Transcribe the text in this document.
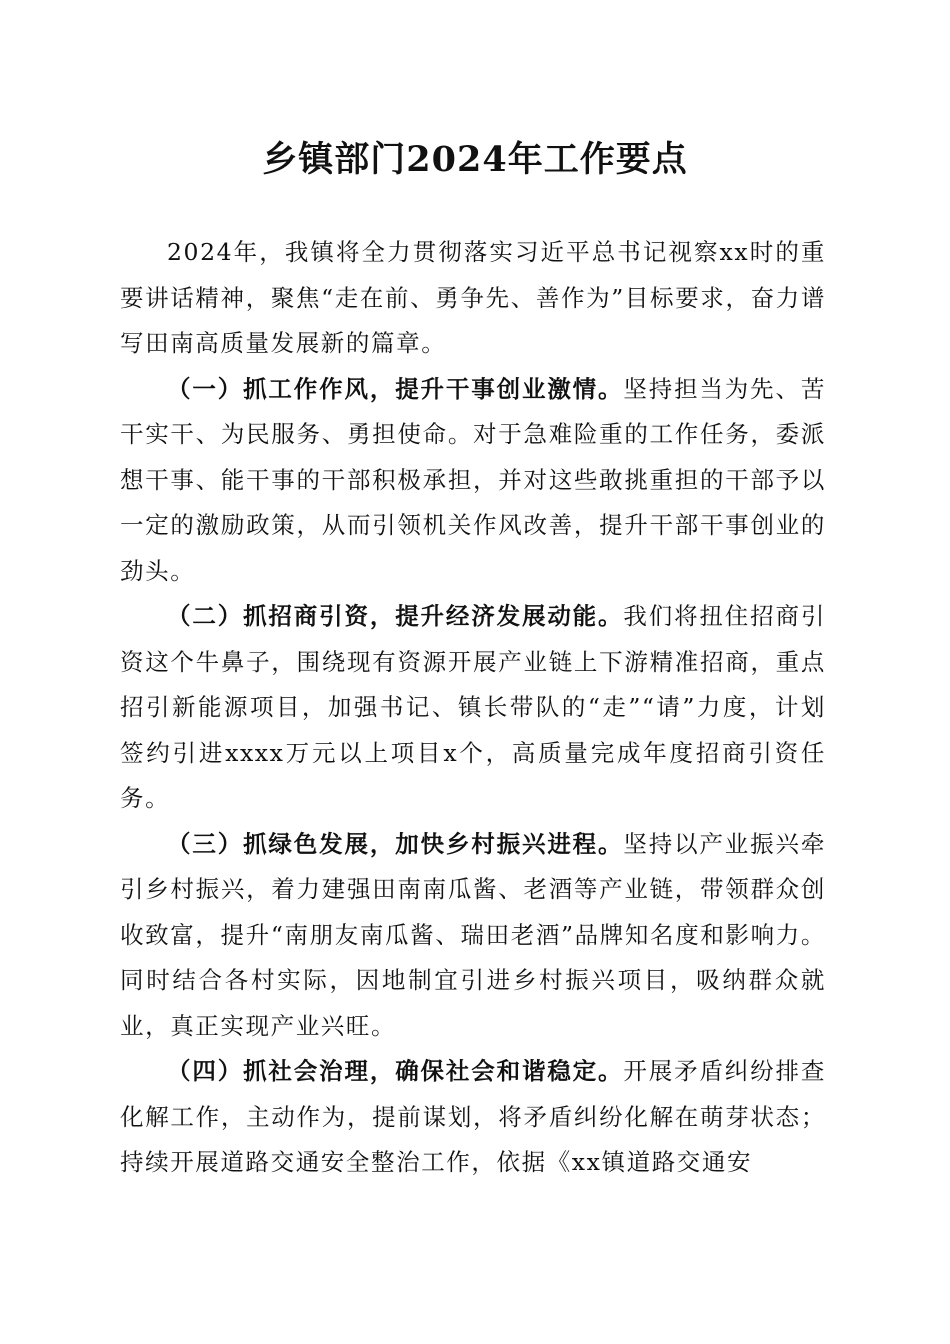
乡镇部门2024年工作要点

2024年，我镇将全力贯彻落实习近平总书记视察xx时的重要讲话精神，聚焦“走在前、勇争先、善作为”目标要求，奋力谱写田南高质量发展新的篇章。

（一）抓工作作风，提升干事创业激情。坚持担当为先、苦干实干、为民服务、勇担使命。对于急难险重的工作任务，委派想干事、能干事的干部积极承担，并对这些敢挑重担的干部予以一定的激励政策，从而引领机关作风改善，提升干部干事创业的劲头。

（二）抓招商引资，提升经济发展动能。我们将扭住招商引资这个牛鼻子，围绕现有资源开展产业链上下游精准招商，重点招引新能源项目，加强书记、镇长带队的“走”“请”力度，计划签约引进xxxx万元以上项目x个，高质量完成年度招商引资任务。

（三）抓绿色发展，加快乡村振兴进程。坚持以产业振兴牵引乡村振兴，着力建强田南南瓜酱、老酒等产业链，带领群众创收致富，提升“南朋友南瓜酱、瑞田老酒”品牌知名度和影响力。同时结合各村实际，因地制宜引进乡村振兴项目，吸纳群众就业，真正实现产业兴旺。

（四）抓社会治理，确保社会和谐稳定。开展矛盾纠纷排查化解工作，主动作为，提前谋划，将矛盾纠纷化解在萌芽状态；持续开展道路交通安全整治工作，依据《xx镇道路交通安
